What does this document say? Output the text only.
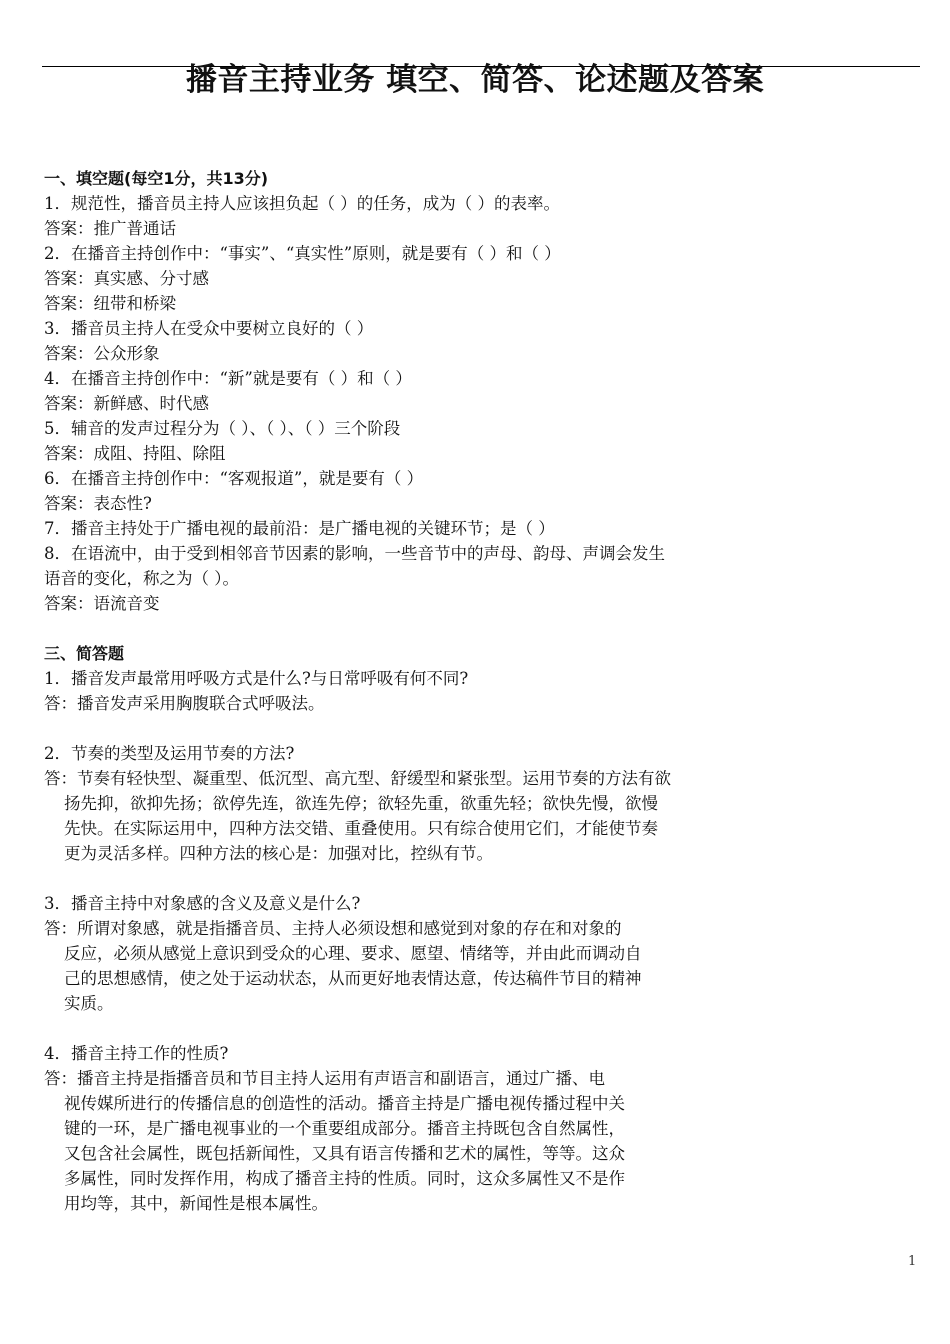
播音主持业务 填空、简答、论述题及答案
一、填空题(每空1分，共13分)
1．规范性，播音员主持人应该担负起（ ）的任务，成为（ ）的表率。
答案：推广普通话
2．在播音主持创作中：“事实”、“真实性”原则，就是要有（ ）和（ ）
答案：真实感、分寸感
答案：纽带和桥梁
3．播音员主持人在受众中要树立良好的（ ）
答案：公众形象
4．在播音主持创作中：“新”就是要有（ ）和（ ）
答案：新鲜感、时代感
5．辅音的发声过程分为（ ）、（ ）、（ ）三个阶段
答案：成阻、持阻、除阻
6．在播音主持创作中：“客观报道”，就是要有（ ）
答案：表态性?
7．播音主持处于广播电视的最前沿：是广播电视的关键环节；是（ ）
8．在语流中，由于受到相邻音节因素的影响，一些音节中的声母、韵母、声调会发生
语音的变化，称之为（ ）。
答案：语流音变
三、简答题
1．播音发声最常用呼吸方式是什么?与日常呼吸有何不同?
答：播音发声采用胸腹联合式呼吸法。
2．节奏的类型及运用节奏的方法?
答：节奏有轻快型、凝重型、低沉型、高亢型、舒缓型和紧张型。运用节奏的方法有欲
扬先抑，欲抑先扬；欲停先连，欲连先停；欲轻先重，欲重先轻；欲快先慢，欲慢
先快。在实际运用中，四种方法交错、重叠使用。只有综合使用它们，才能使节奏
更为灵活多样。四种方法的核心是：加强对比，控纵有节。
3．播音主持中对象感的含义及意义是什么?
答：所谓对象感，就是指播音员、主持人必须设想和感觉到对象的存在和对象的
反应，必须从感觉上意识到受众的心理、要求、愿望、情绪等，并由此而调动自
己的思想感情，使之处于运动状态，从而更好地表情达意，传达稿件节目的精神
实质。
4．播音主持工作的性质?
答：播音主持是指播音员和节目主持人运用有声语言和副语言，通过广播、电
视传媒所进行的传播信息的创造性的活动。播音主持是广播电视传播过程中关
键的一环，是广播电视事业的一个重要组成部分。播音主持既包含自然属性，
又包含社会属性，既包括新闻性，又具有语言传播和艺术的属性，等等。这众
多属性，同时发挥作用，构成了播音主持的性质。同时，这众多属性又不是作
用均等，其中，新闻性是根本属性。
1
